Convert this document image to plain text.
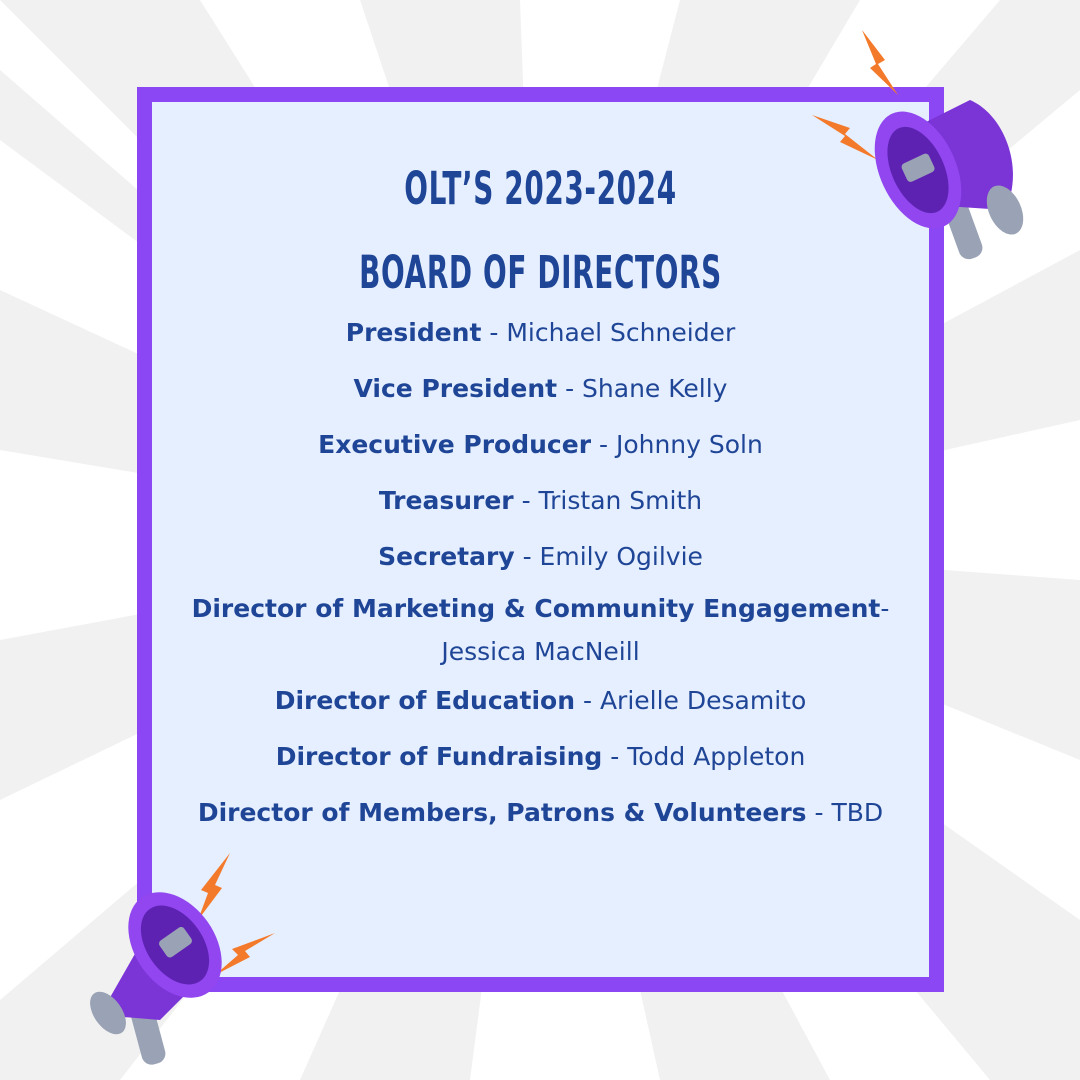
OLT’S 2023-2024
BOARD OF DIRECTORS
President - Michael Schneider
Vice President - Shane Kelly
Executive Producer - Johnny Soln
Treasurer - Tristan Smith
Secretary - Emily Ogilvie
Director of Marketing & Community Engagement-
Jessica MacNeill
Director of Education - Arielle Desamito
Director of Fundraising - Todd Appleton
Director of Members, Patrons & Volunteers - TBD
